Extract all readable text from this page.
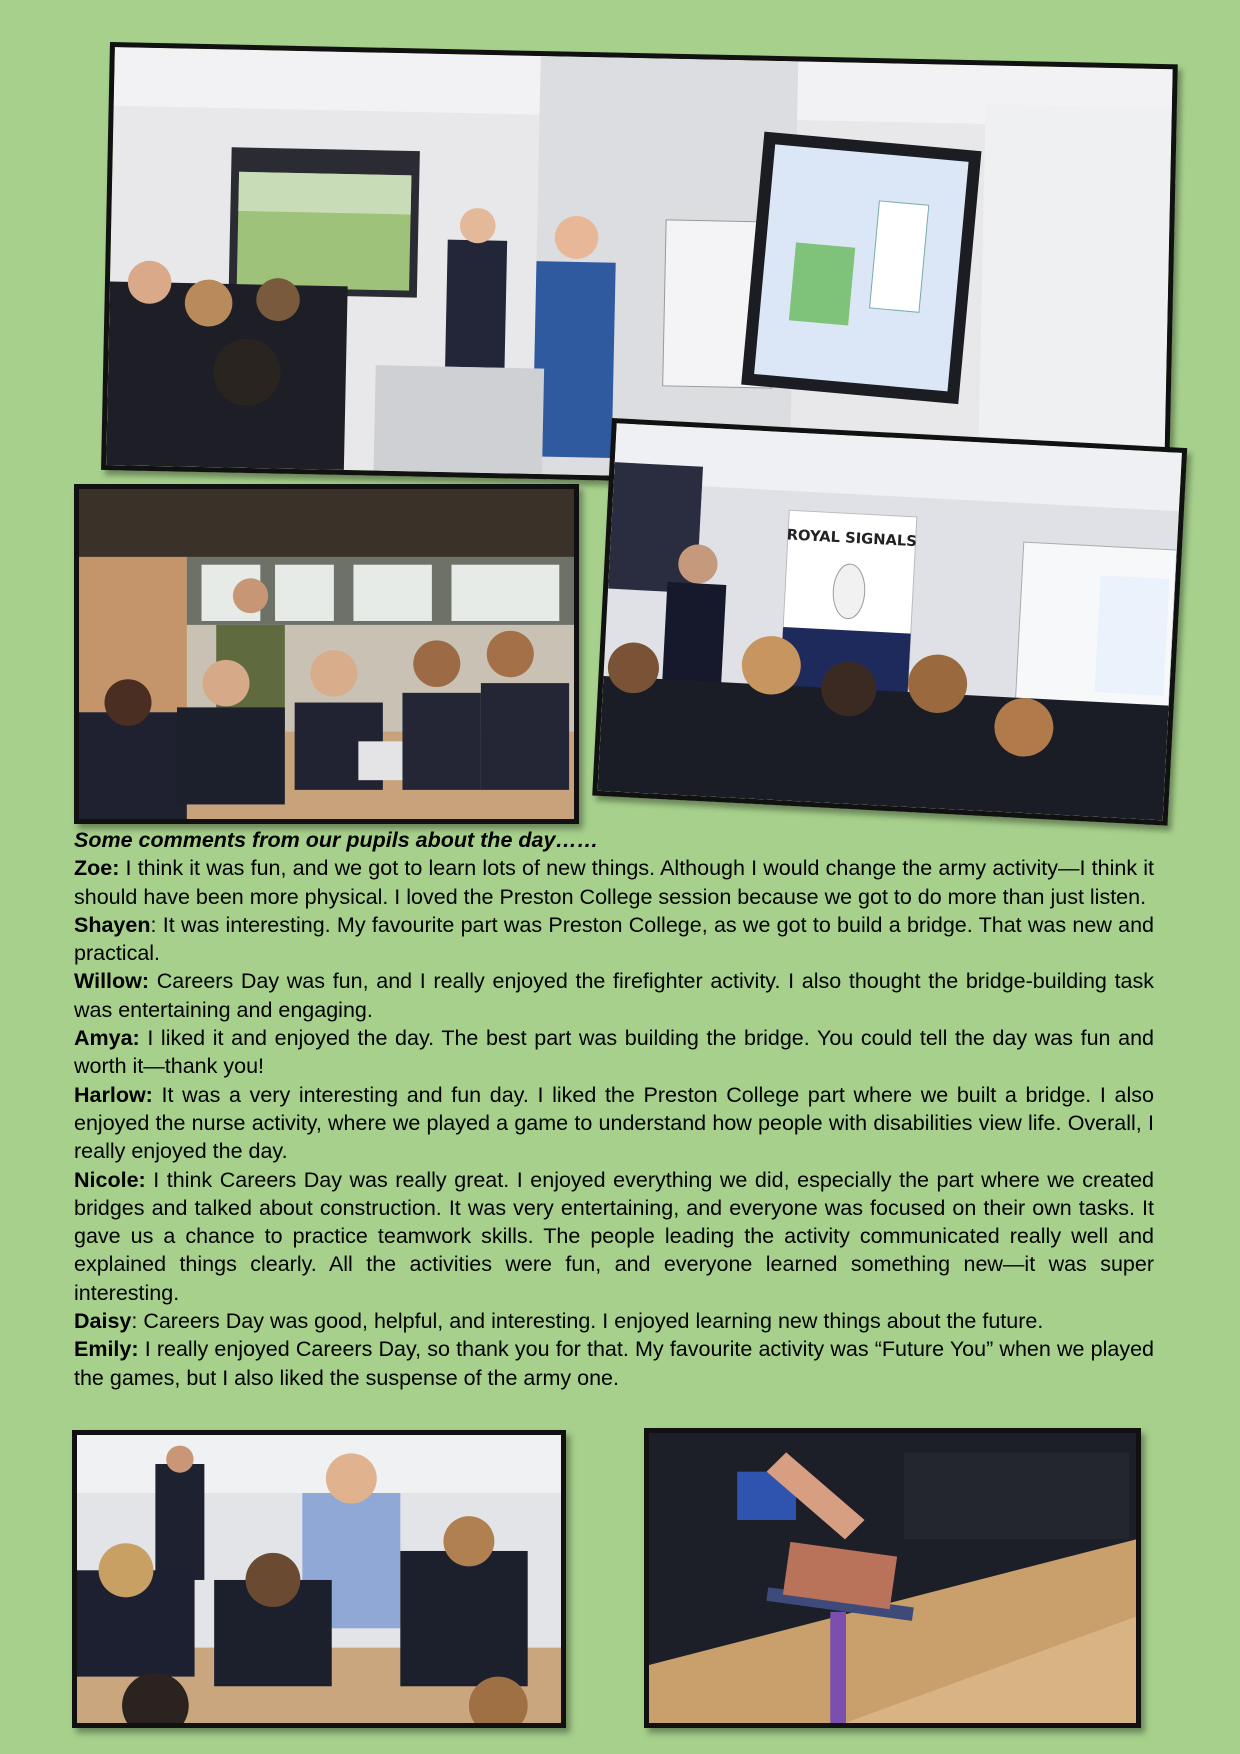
ROYAL SIGNALS

Some comments from our pupils about the day……

Zoe: I think it was fun, and we got to learn lots of new things. Although I would change the army activity—I think it should have been more physical. I loved the Preston College session because we got to do more than just listen.

Shayen: It was interesting. My favourite part was Preston College, as we got to build a bridge. That was new and practical.

Willow: Careers Day was fun, and I really enjoyed the firefighter activity. I also thought the bridge-building task was entertaining and engaging.

Amya: I liked it and enjoyed the day. The best part was building the bridge. You could tell the day was fun and worth it—thank you!

Harlow: It was a very interesting and fun day. I liked the Preston College part where we built a bridge. I also enjoyed the nurse activity, where we played a game to understand how people with disabilities view life. Overall, I really enjoyed the day.

Nicole: I think Careers Day was really great. I enjoyed everything we did, especially the part where we created bridges and talked about construction. It was very entertaining, and everyone was focused on their own tasks. It gave us a chance to practice teamwork skills. The people leading the activity communicated really well and explained things clearly. All the activities were fun, and everyone learned something new—it was super interesting.

Daisy: Careers Day was good, helpful, and interesting. I enjoyed learning new things about the future.

Emily: I really enjoyed Careers Day, so thank you for that. My favourite activity was “Future You” when we played the games, but I also liked the suspense of the army one.
